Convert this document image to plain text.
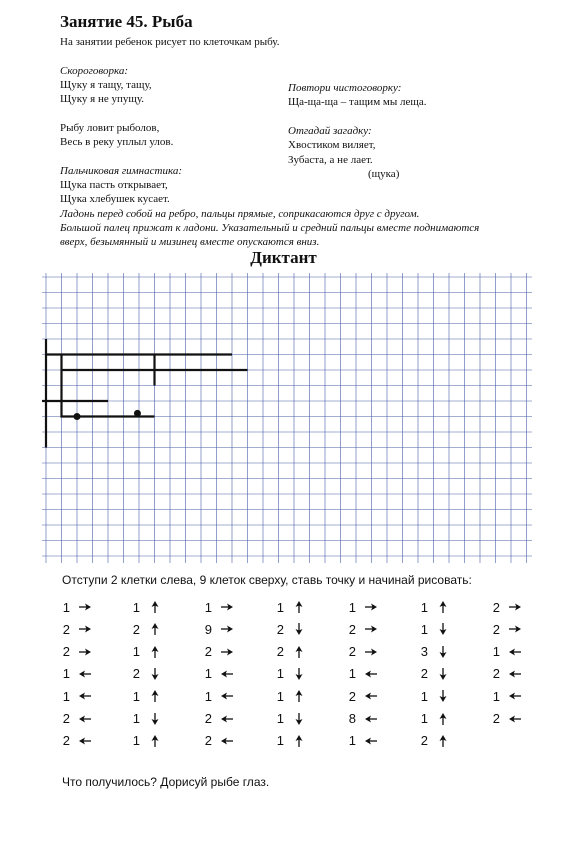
Занятие 45. Рыба
На занятии ребенок рисует по клеточкам рыбу.
Скороговорка:
Щуку я тащу, тащу,
Щуку я не упущу.
Рыбу ловит рыболов,
Весь в реку уплыл улов.
Пальчиковая гимнастика:
Щука пасть открывает,
Щука хлебушек кусает.
Ладонь перед собой на ребро, пальцы прямые, соприкасаются друг с другом.
Большой палец прижат к ладони. Указательный и средний пальцы вместе поднимаются
вверх, безымянный и мизинец вместе опускаются вниз.
Повтори чистоговорку:
Ща-ща-ща – тащим мы леща.
Отгадай загадку:
Хвостиком виляет,
Зубаста, а не лает.
(щука)
Диктант
Отступи 2 клетки слева, 9 клеток сверху, ставь точку и начинай рисовать:
1	1	1	1	1	1	2
2	2	9	2	2	1	2
2	1	2	2	2	3	1
1	2	1	1	1	2	2
1	1	1	1	2	1	1
2	1	2	1	8	1	2
2	1	2	1	1	2
Что получилось? Дорисуй рыбе глаз.
